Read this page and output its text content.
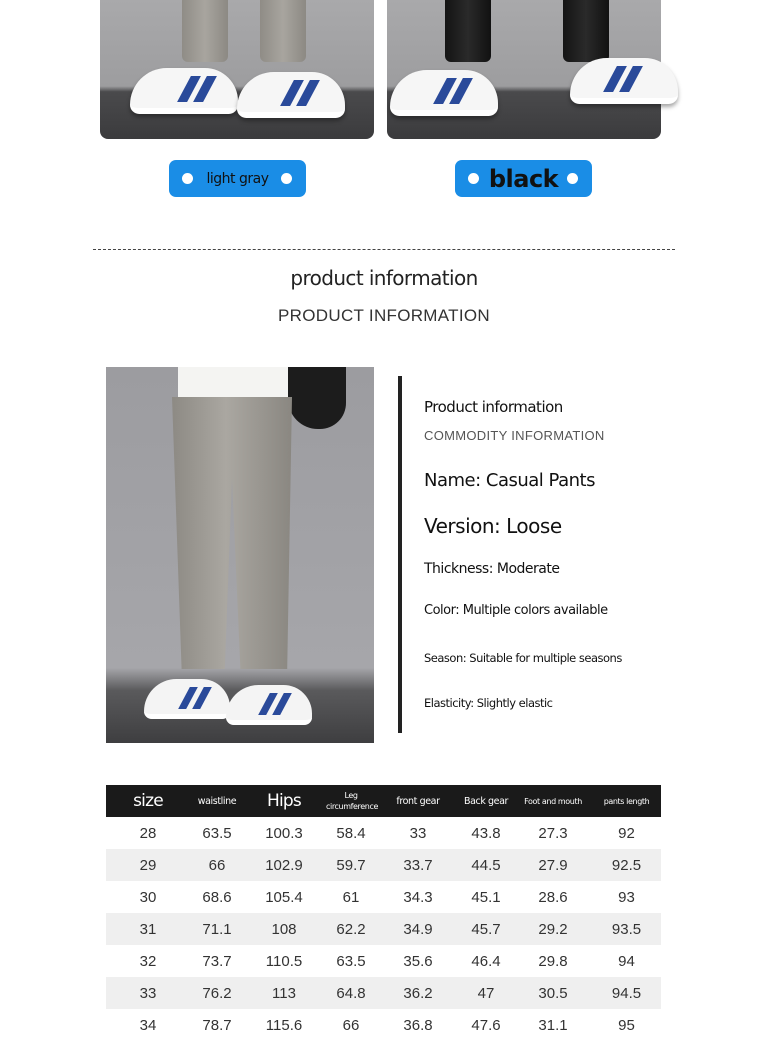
light gray	black
product information
PRODUCT INFORMATION
Product information
COMMODITY INFORMATION
Name: Casual Pants
Version: Loose
Thickness: Moderate
Color: Multiple colors available
Season: Suitable for multiple seasons
Elasticity: Slightly elastic
size	waistline	Hips	Leg circumference	front gear	Back gear	Foot and mouth	pants length
28	63.5	100.3	58.4	33	43.8	27.3	92
29	66	102.9	59.7	33.7	44.5	27.9	92.5
30	68.6	105.4	61	34.3	45.1	28.6	93
31	71.1	108	62.2	34.9	45.7	29.2	93.5
32	73.7	110.5	63.5	35.6	46.4	29.8	94
33	76.2	113	64.8	36.2	47	30.5	94.5
34	78.7	115.6	66	36.8	47.6	31.1	95
